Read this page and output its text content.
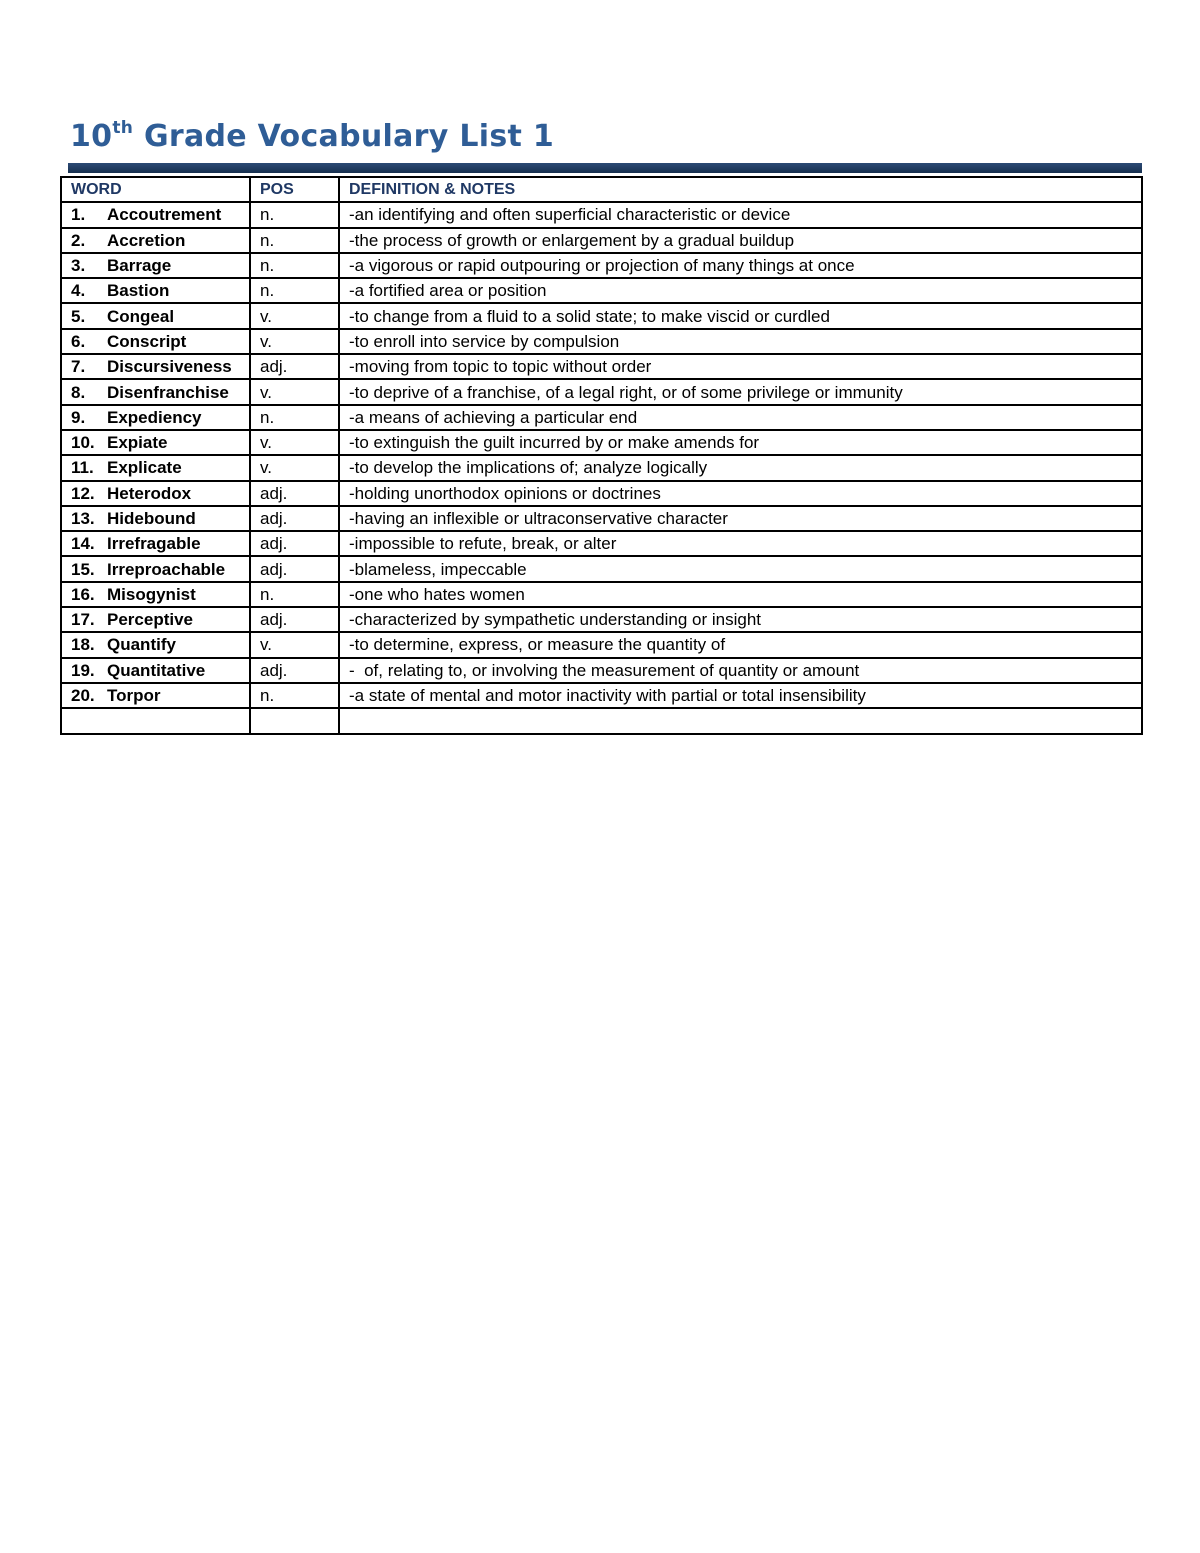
10th Grade Vocabulary List 1
WORD	POS	DEFINITION & NOTES
1. Accoutrement	n.	-an identifying and often superficial characteristic or device
2. Accretion	n.	-the process of growth or enlargement by a gradual buildup
3. Barrage	n.	-a vigorous or rapid outpouring or projection of many things at once
4. Bastion	n.	-a fortified area or position
5. Congeal	v.	-to change from a fluid to a solid state; to make viscid or curdled
6. Conscript	v.	-to enroll into service by compulsion
7. Discursiveness	adj.	-moving from topic to topic without order
8. Disenfranchise	v.	-to deprive of a franchise, of a legal right, or of some privilege or immunity
9. Expediency	n.	-a means of achieving a particular end
10. Expiate	v.	-to extinguish the guilt incurred by or make amends for
11. Explicate	v.	-to develop the implications of; analyze logically
12. Heterodox	adj.	-holding unorthodox opinions or doctrines
13. Hidebound	adj.	-having an inflexible or ultraconservative character
14. Irrefragable	adj.	-impossible to refute, break, or alter
15. Irreproachable	adj.	-blameless, impeccable
16. Misogynist	n.	-one who hates women
17. Perceptive	adj.	-characterized by sympathetic understanding or insight
18. Quantify	v.	-to determine, express, or measure the quantity of
19. Quantitative	adj.	-  of, relating to, or involving the measurement of quantity or amount
20. Torpor	n.	-a state of mental and motor inactivity with partial or total insensibility
